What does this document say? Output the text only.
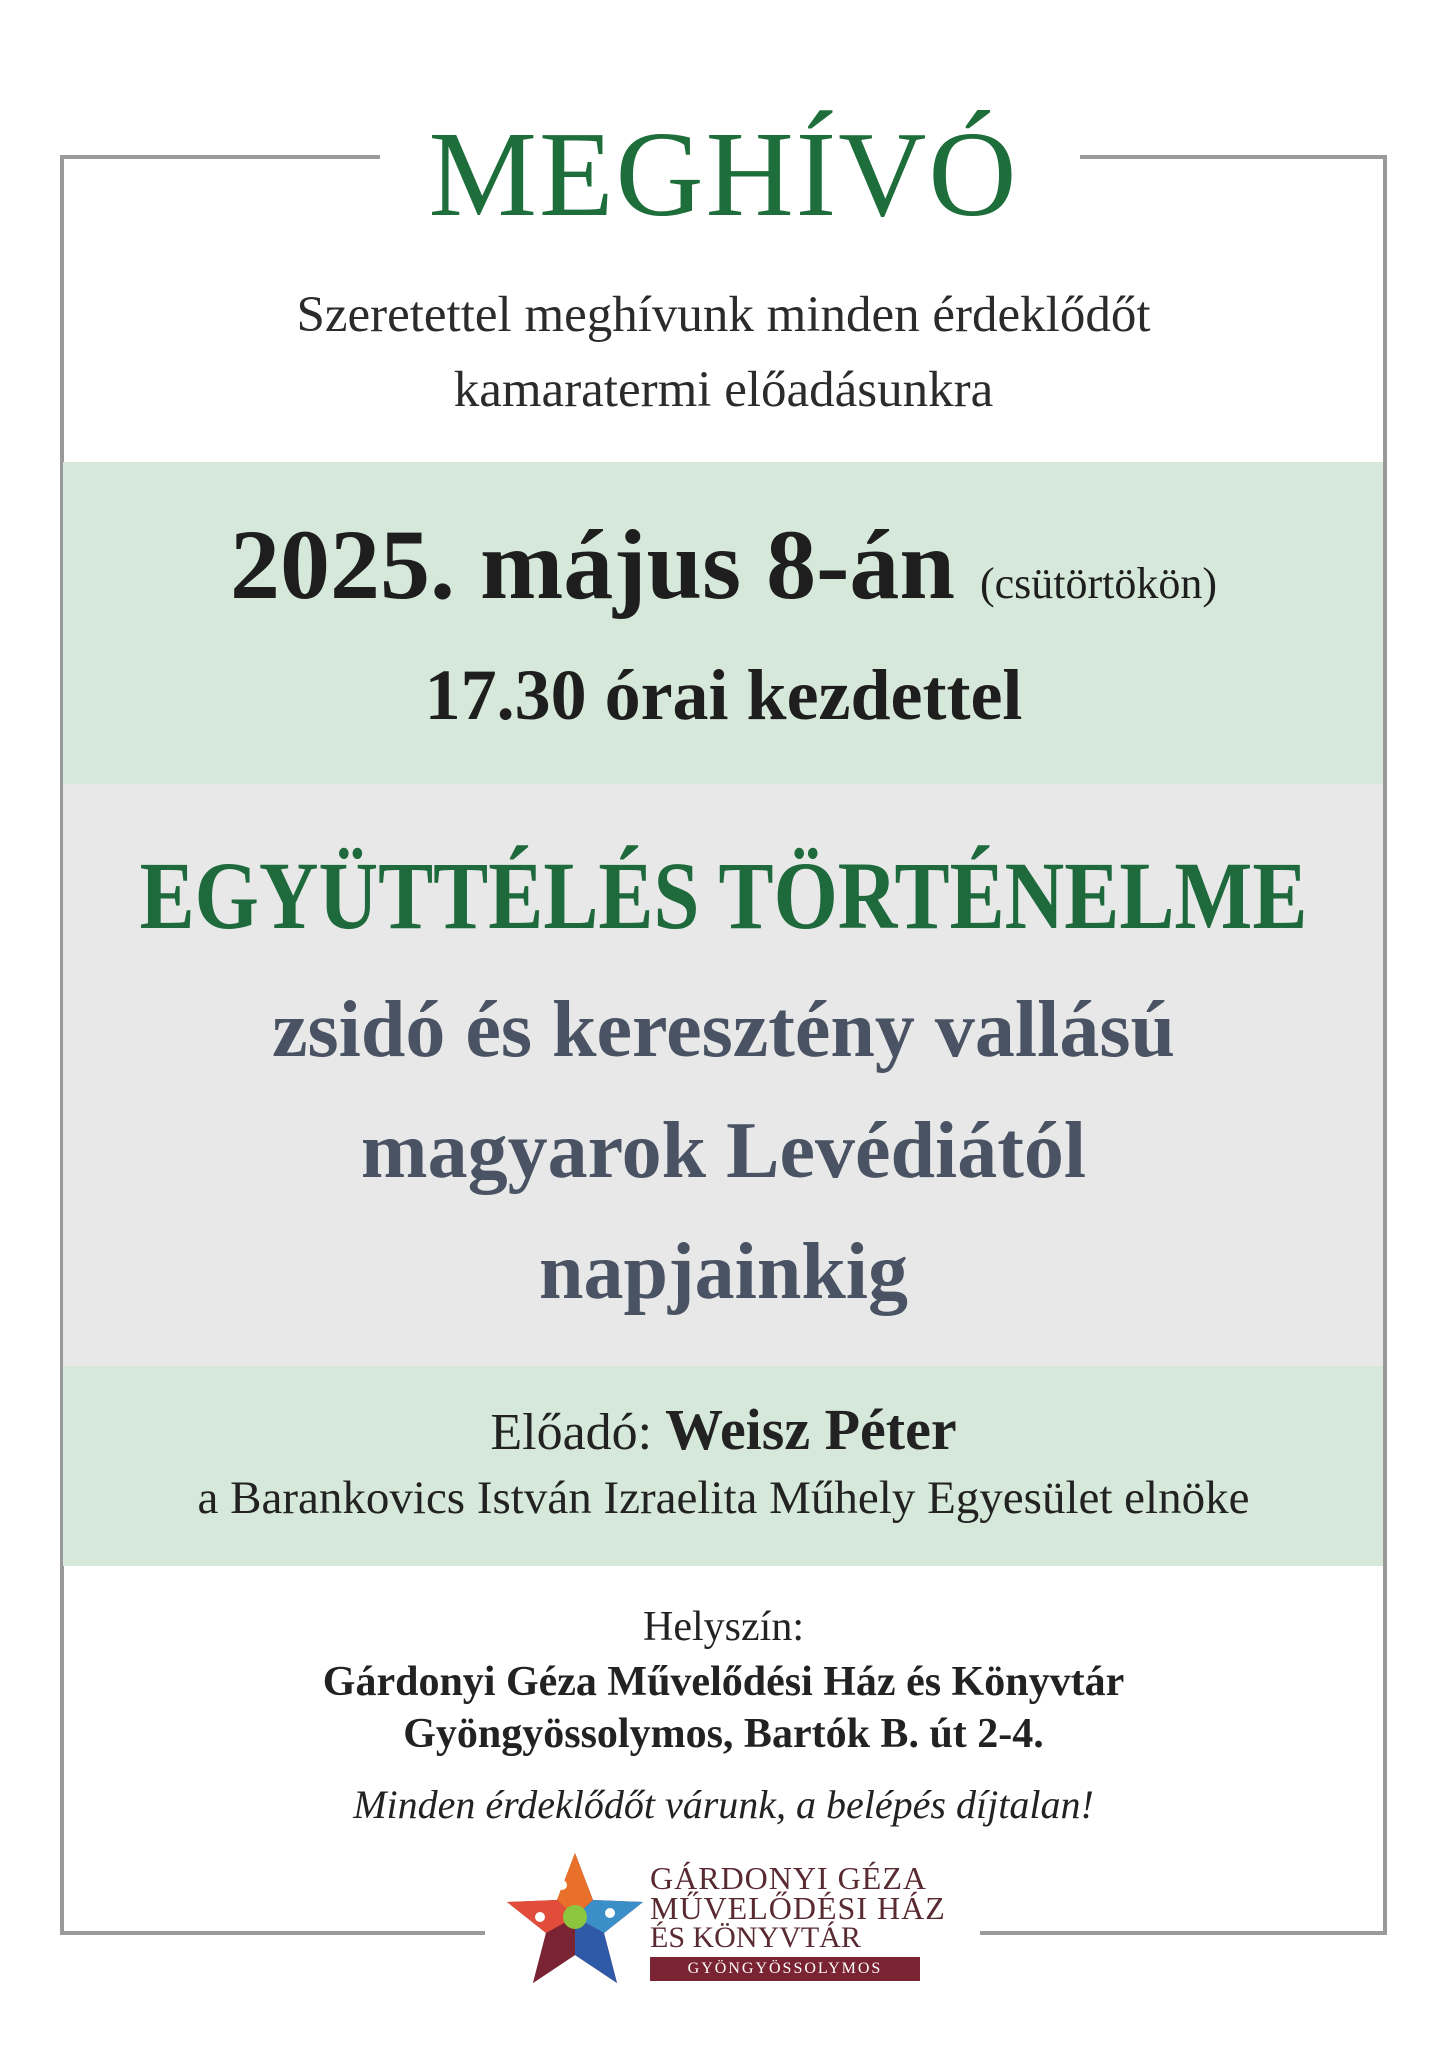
MEGHÍVÓ
Szeretettel meghívunk minden érdeklődőt
kamaratermi előadásunkra
2025. május 8-án (csütörtökön)
17.30 órai kezdettel
EGYÜTTÉLÉS TÖRTÉNELME
zsidó és keresztény vallású
magyarok Levédiától
napjainkig
Előadó: Weisz Péter
a Barankovics István Izraelita Műhely Egyesület elnöke
Helyszín:
Gárdonyi Géza Művelődési Ház és Könyvtár
Gyöngyössolymos, Bartók B. út 2-4.
Minden érdeklődőt várunk, a belépés díjtalan!
GÁRDONYI GÉZA
MŰVELŐDÉSI HÁZ
ÉS KÖNYVTÁR
GYÖNGYÖSSOLYMOS
